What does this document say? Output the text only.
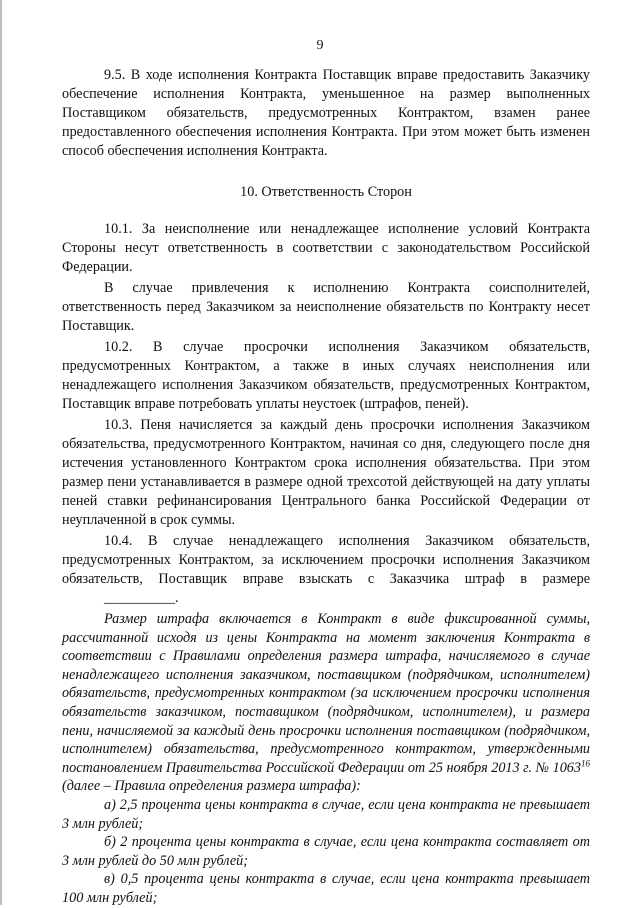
9

9.5. В ходе исполнения Контракта Поставщик вправе предоставить Заказчику обеспечение исполнения Контракта, уменьшенное на размер выполненных Поставщиком обязательств, предусмотренных Контрактом, взамен ранее предоставленного обеспечения исполнения Контракта. При этом может быть изменен способ обеспечения исполнения Контракта.

10. Ответственность Сторон

10.1. За неисполнение или ненадлежащее исполнение условий Контракта Стороны несут ответственность в соответствии с законодательством Российской Федерации.

В случае привлечения к исполнению Контракта соисполнителей, ответственность перед Заказчиком за неисполнение обязательств по Контракту несет Поставщик.

10.2. В случае просрочки исполнения Заказчиком обязательств, предусмотренных Контрактом, а также в иных случаях неисполнения или ненадлежащего исполнения Заказчиком обязательств, предусмотренных Контрактом, Поставщик вправе потребовать уплаты неустоек (штрафов, пеней).

10.3. Пеня начисляется за каждый день просрочки исполнения Заказчиком обязательства, предусмотренного Контрактом, начиная со дня, следующего после дня истечения установленного Контрактом срока исполнения обязательства. При этом размер пени устанавливается в размере одной трехсотой действующей на дату уплаты пеней ставки рефинансирования Центрального банка Российской Федерации от неуплаченной в срок суммы.

10.4. В случае ненадлежащего исполнения Заказчиком обязательств, предусмотренных Контрактом, за исключением просрочки исполнения Заказчиком обязательств, Поставщик вправе взыскать с Заказчика штраф в размере __________.

Размер штрафа включается в Контракт в виде фиксированной суммы, рассчитанной исходя из цены Контракта на момент заключения Контракта в соответствии с Правилами определения размера штрафа, начисляемого в случае ненадлежащего исполнения заказчиком, поставщиком (подрядчиком, исполнителем) обязательств, предусмотренных контрактом (за исключением просрочки исполнения обязательств заказчиком, поставщиком (подрядчиком, исполнителем), и размера пени, начисляемой за каждый день просрочки исполнения поставщиком (подрядчиком, исполнителем) обязательства, предусмотренного контрактом, утвержденными постановлением Правительства Российской Федерации от 25 ноября 2013 г. № 1063$^{16}$ (далее – Правила определения размера штрафа):

а) 2,5 процента цены контракта в случае, если цена контракта не превышает 3 млн рублей;

б) 2 процента цены контракта в случае, если цена контракта составляет от 3 млн рублей до 50 млн рублей;

в) 0,5 процента цены контракта в случае, если цена контракта превышает 100 млн рублей;
